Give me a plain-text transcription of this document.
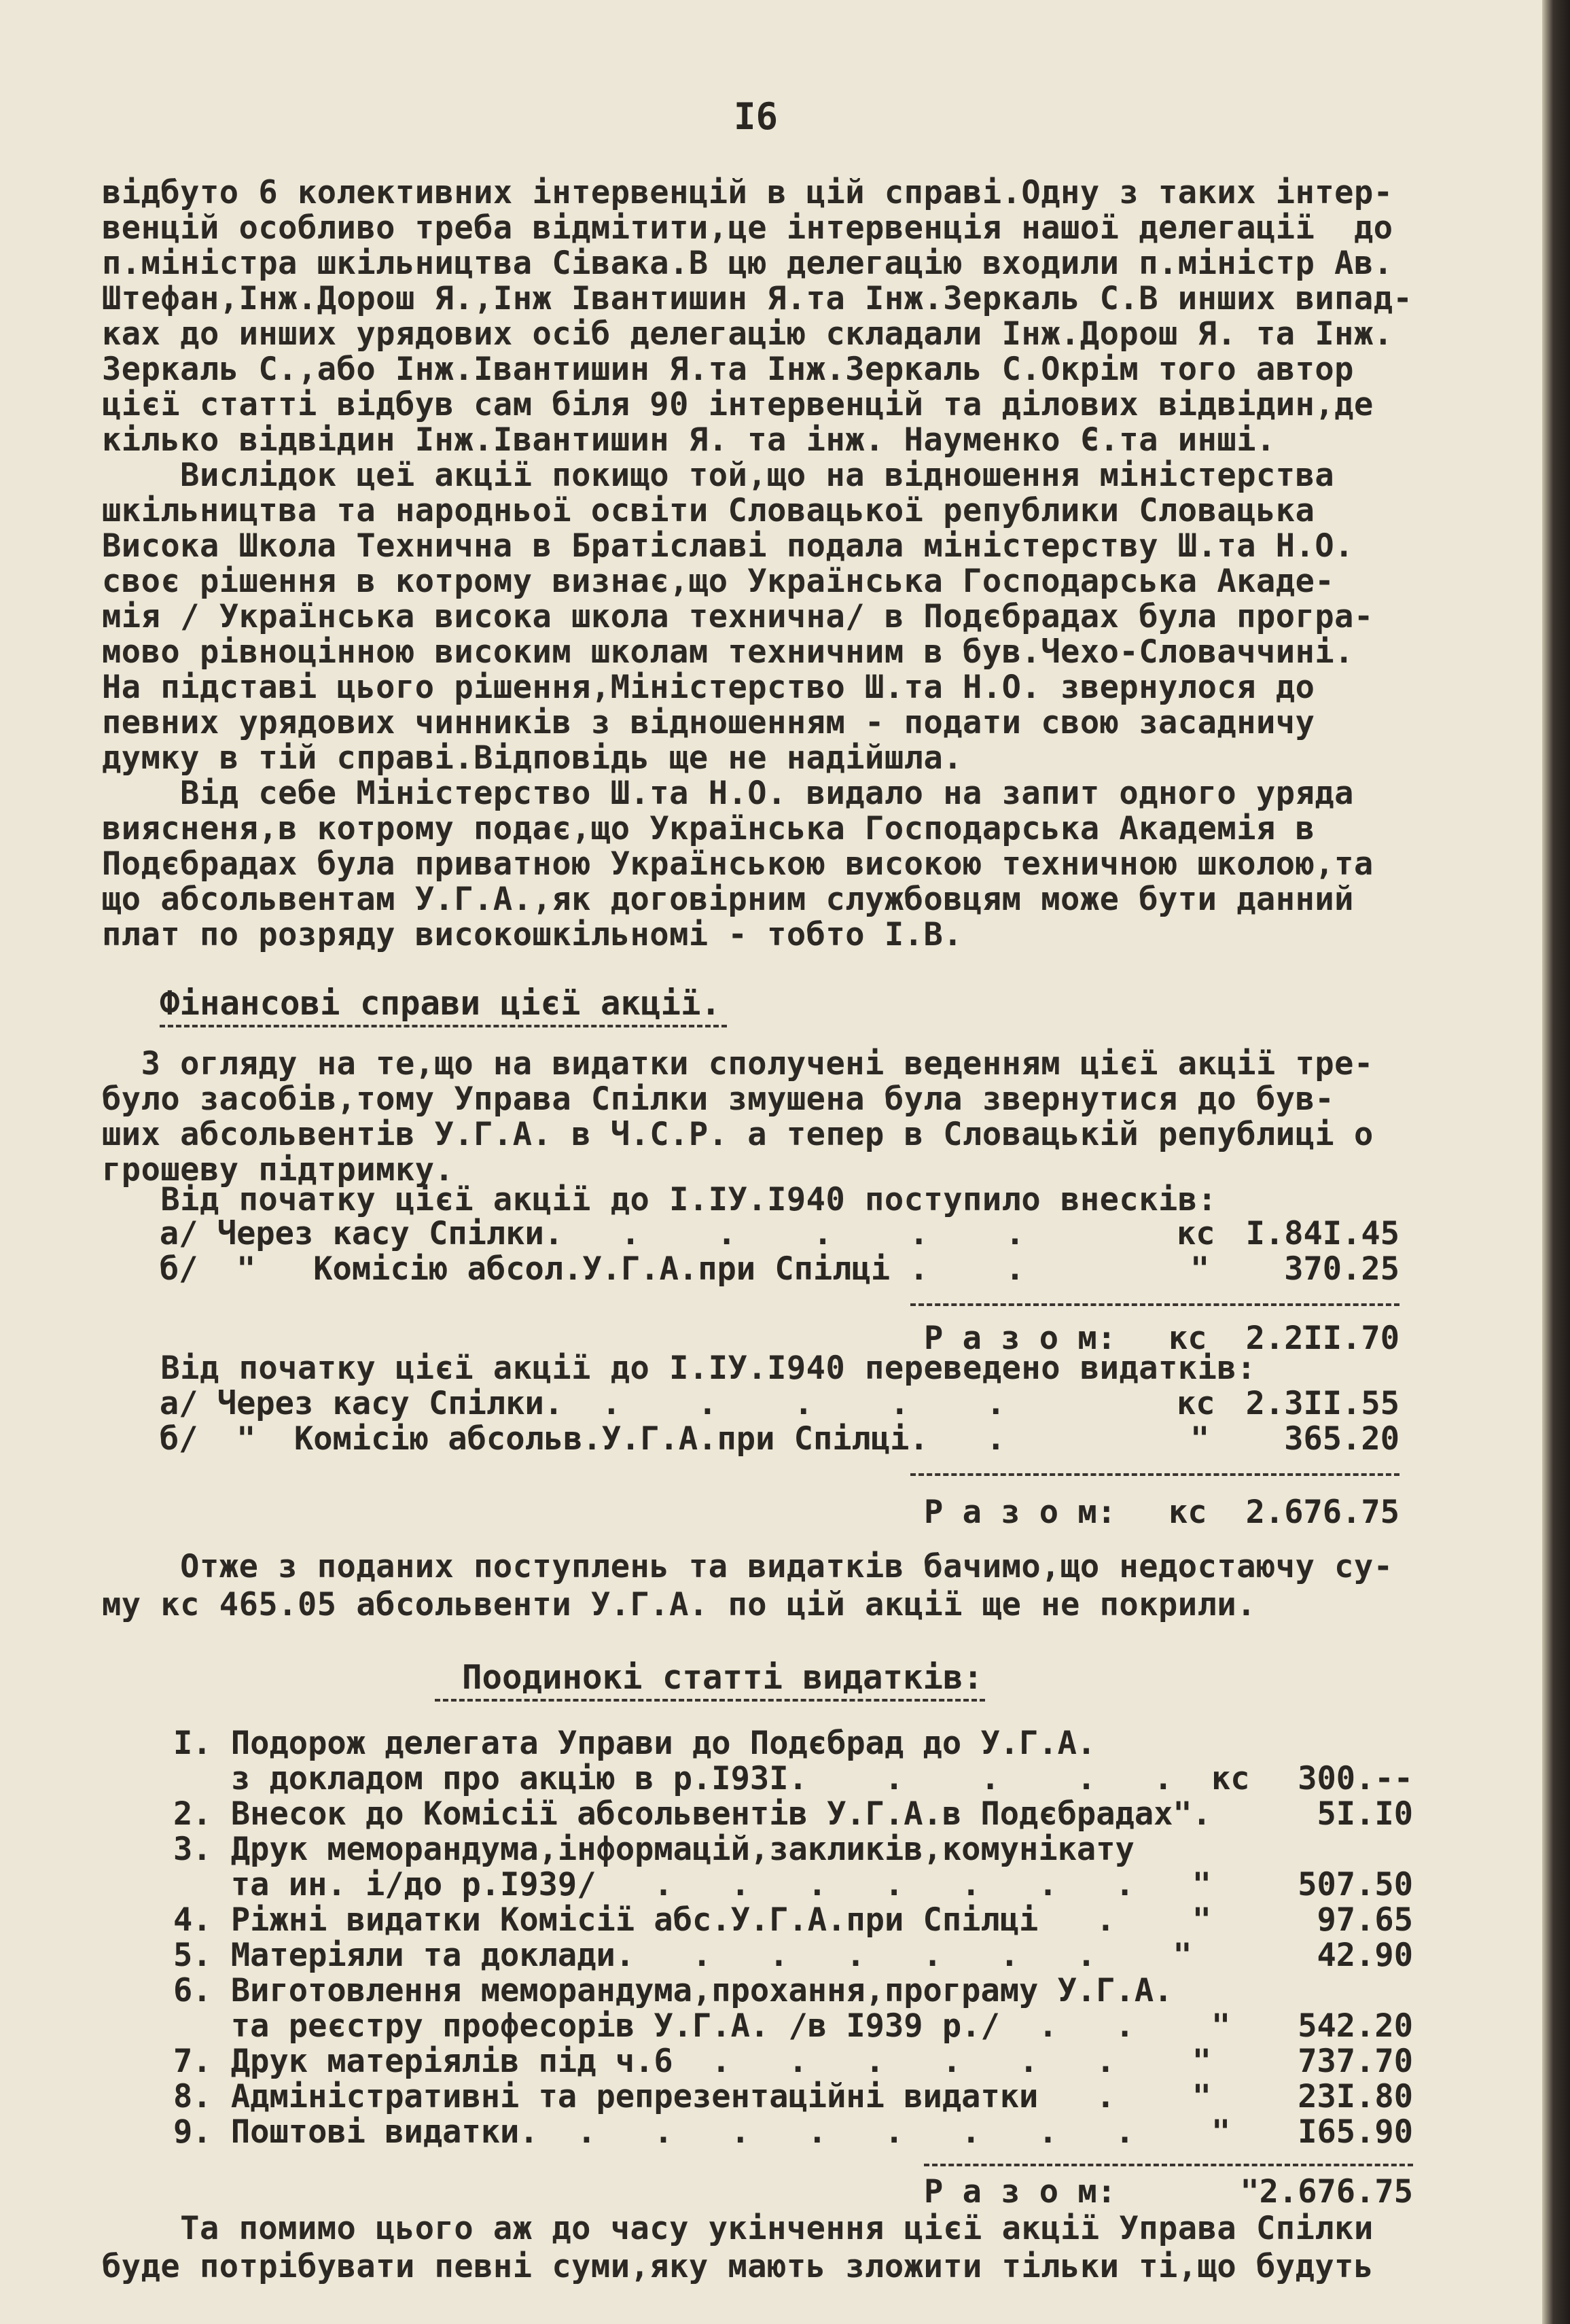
I6
відбуто 6 колективних інтервенцій в цій справі.Одну з таких інтер-
венцій особливо треба відмітити,це інтервенція нашої делегації  до
п.міністра шкільництва Сівака.В цю делегацію входили п.міністр Ав.
Штефан,Інж.Дорош Я.,Інж Івантишин Я.та Інж.Зеркаль С.В инших випад-
ках до инших урядових осіб делегацію складали Інж.Дорош Я. та Інж.
Зеркаль С.,або Інж.Івантишин Я.та Інж.Зеркаль С.Окрім того автор
цієї статті відбув сам біля 90 інтервенцій та ділових відвідин,де
кілько відвідин Інж.Івантишин Я. та інж. Науменко Є.та инші.
Вислідок цеї акції покищо той,що на відношення міністерства
шкільництва та народньої освіти Словацької републики Словацька
Висока Школа Технична в Братіславі подала міністерству Ш.та Н.О.
своє рішення в котрому визнає,що Українська Господарська Акаде-
мія / Українська висока школа технична/ в Подєбрадах була програ-
мово рівноцінною високим школам техничним в був.Чехо-Словаччині.
На підставі цього рішення,Міністерство Ш.та Н.О. звернулося до
певних урядових чинників з відношенням - подати свою засадничу
думку в тій справі.Відповідь ще не надійшла.
Від себе Міністерство Ш.та Н.О. видало на запит одного уряда
виясненя,в котрому подає,що Українська Господарська Академія в
Подєбрадах була приватною Українською високою техничною школою,та
що абсольвентам У.Г.А.,як договірним службовцям може бути данний
плат по розряду високошкільномі - тобто І.В.
Фінансові справи цієї акції.
З огляду на те,що на видатки сполучені веденням цієї акції тре-
було засобів,тому Управа Спілки змушена була звернутися до був-
ших абсольвентів У.Г.А. в Ч.С.Р. а тепер в Словацькій републиці о
грошеву підтримку.
Від початку цієї акції до I.IУ.I940 поступило внесків:
а/ Через касу Спілки.   .    .    .    .    .	кс I.84I.45
б/  "   Комісію абсол.У.Г.А.при Спілці .    .	"	370.25
Р а з о м: кс 2.2II.70
Від початку цієї акції до I.IУ.I940 переведено видатків:
а/ Через касу Спілки.  .    .    .    .    .	кс 2.3II.55
б/  "  Комісію абсольв.У.Г.А.при Спілці.   .	"	365.20
Р а з о м: кс 2.676.75
Отже з поданих поступлень та видатків бачимо,що недостаючу су-
му кс 465.05 абсольвенти У.Г.А. по цій акції ще не покрили.
Поодинокі статті видатків:
I. Подорож делегата Управи до Подєбрад до У.Г.А.
з докладом про акцію в р.I93I.    .    .    .   .  кс	300.--
2. Внесок до Комісії абсольвентів У.Г.А.в Подєбрадах".	5I.I0
3. Друк меморандума,інформацій,закликів,комунікату
та ин. і/до р.I939/   .   .   .   .   .   .   .   "	507.50
4. Ріжні видатки Комісії абс.У.Г.А.при Спілці   .    "	97.65
5. Матеріяли та доклади.   .   .   .   .   .   .    "	42.90
6. Виготовлення меморандума,прохання,програму У.Г.А.
та реєстру професорів У.Г.А. /в I939 р./  .   .    "	542.20
7. Друк матеріялів під ч.6  .   .   .   .   .   .    "	737.70
8. Адміністративні та репрезентаційні видатки   .    "	23I.80
9. Поштові видатки.  .   .   .   .   .   .   .   .    "	I65.90
Р а з о м:	"2.676.75
Та помимо цього аж до часу укінчення цієї акції Управа Спілки
буде потрібувати певні суми,яку мають зложити тільки ті,що будуть
